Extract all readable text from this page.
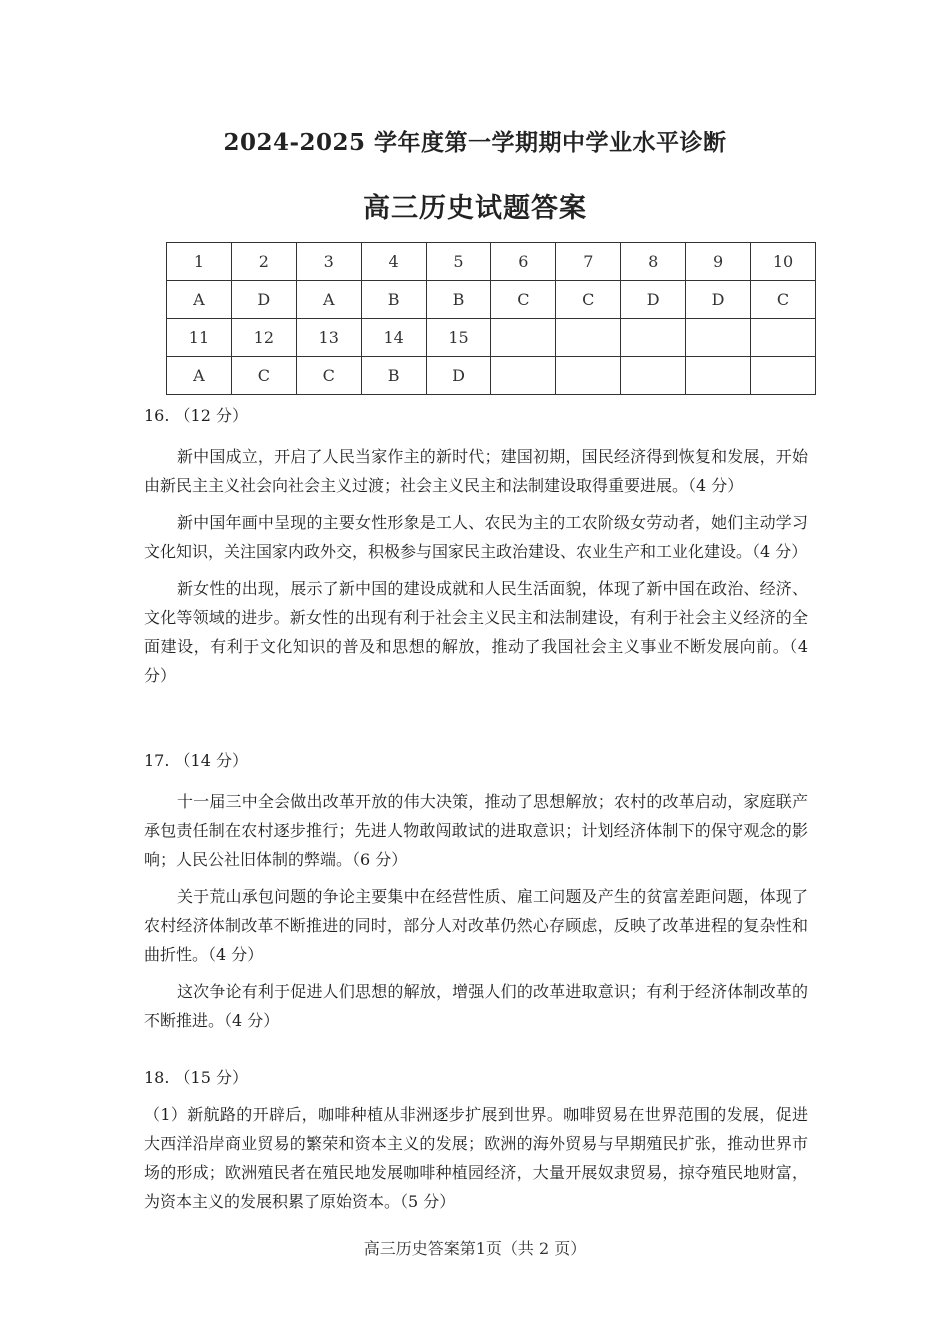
2024-2025 学年度第一学期期中学业水平诊断
高三历史试题答案
1	2	3	4	5	6	7	8	9	10
A	D	A	B	B	C	C	D	D	C
11	12	13	14	15					
A	C	C	B	D					
16. （12 分）

新中国成立，开启了人民当家作主的新时代；建国初期，国民经济得到恢复和发展，开始由新民主主义社会向社会主义过渡；社会主义民主和法制建设取得重要进展。（4 分）

新中国年画中呈现的主要女性形象是工人、农民为主的工农阶级女劳动者，她们主动学习文化知识，关注国家内政外交，积极参与国家民主政治建设、农业生产和工业化建设。（4 分）

新女性的出现，展示了新中国的建设成就和人民生活面貌，体现了新中国在政治、经济、文化等领域的进步。新女性的出现有利于社会主义民主和法制建设，有利于社会主义经济的全面建设，有利于文化知识的普及和思想的解放，推动了我国社会主义事业不断发展向前。（4 分）

17. （14 分）

十一届三中全会做出改革开放的伟大决策，推动了思想解放；农村的改革启动，家庭联产承包责任制在农村逐步推行；先进人物敢闯敢试的进取意识；计划经济体制下的保守观念的影响；人民公社旧体制的弊端。（6 分）

关于荒山承包问题的争论主要集中在经营性质、雇工问题及产生的贫富差距问题，体现了农村经济体制改革不断推进的同时，部分人对改革仍然心存顾虑，反映了改革进程的复杂性和曲折性。（4 分）

这次争论有利于促进人们思想的解放，增强人们的改革进取意识；有利于经济体制改革的不断推进。（4 分）

18. （15 分）

（1）新航路的开辟后，咖啡种植从非洲逐步扩展到世界。咖啡贸易在世界范围的发展，促进大西洋沿岸商业贸易的繁荣和资本主义的发展；欧洲的海外贸易与早期殖民扩张，推动世界市场的形成；欧洲殖民者在殖民地发展咖啡种植园经济，大量开展奴隶贸易，掠夺殖民地财富，为资本主义的发展积累了原始资本。（5 分）

高三历史答案第1页（共 2 页）
